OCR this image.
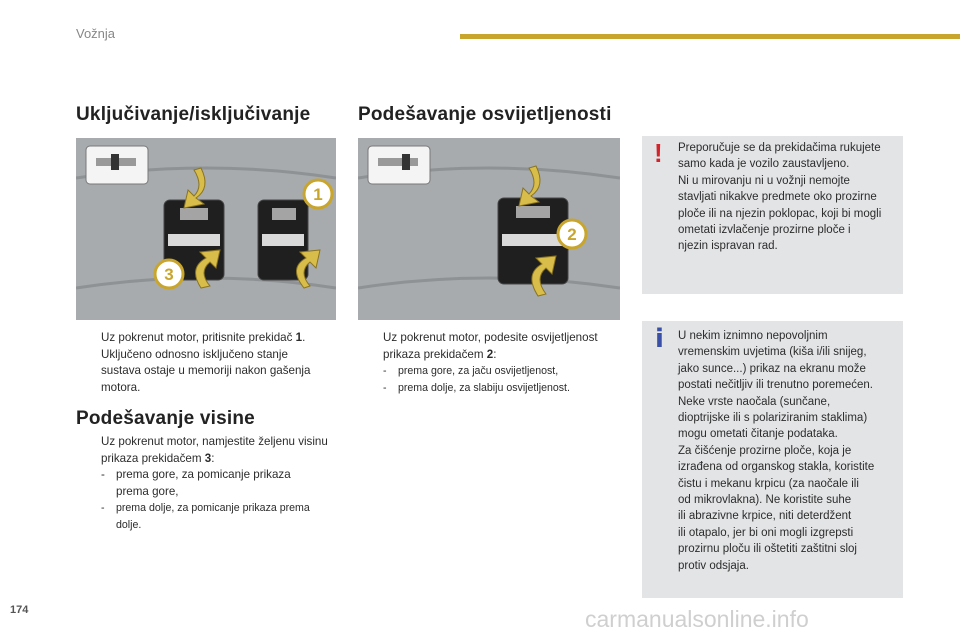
Vožnja
Uključivanje/isključivanje
1
3
Uz pokrenut motor, pritisnite prekidač 1.
Uključeno odnosno isključeno stanje
sustava ostaje u memoriji nakon gašenja
motora.
Podešavanje visine
Uz pokrenut motor, namjestite željenu visinu
prikaza prekidačem 3:
- prema gore, za pomicanje prikaza
prema gore,
- prema dolje, za pomicanje prikaza prema
dolje.
Podešavanje osvijetljenosti
2
Uz pokrenut motor, podesite osvijetljenost
prikaza prekidačem 2:
- prema gore, za jaču osvijetljenost,
- prema dolje, za slabiju osvijetljenost.
! Preporučuje se da prekidačima rukujete
samo kada je vozilo zaustavljeno.
Ni u mirovanju ni u vožnji nemojte
stavljati nikakve predmete oko prozirne
ploče ili na njezin poklopac, koji bi mogli
ometati izvlačenje prozirne ploče i
njezin ispravan rad.
i U nekim iznimno nepovoljnim
vremenskim uvjetima (kiša i/ili snijeg,
jako sunce...) prikaz na ekranu može
postati nečitljiv ili trenutno poremećen.
Neke vrste naočala (sunčane,
dioptrijske ili s polariziranim staklima)
mogu ometati čitanje podataka.
Za čišćenje prozirne ploče, koja je
izrađena od organskog stakla, koristite
čistu i mekanu krpicu (za naočale ili
od mikrovlakna). Ne koristite suhe
ili abrazivne krpice, niti deterdžent
ili otapalo, jer bi oni mogli izgrepsti
prozirnu ploču ili oštetiti zaštitni sloj
protiv odsjaja.
174	carmanualsonline.info
